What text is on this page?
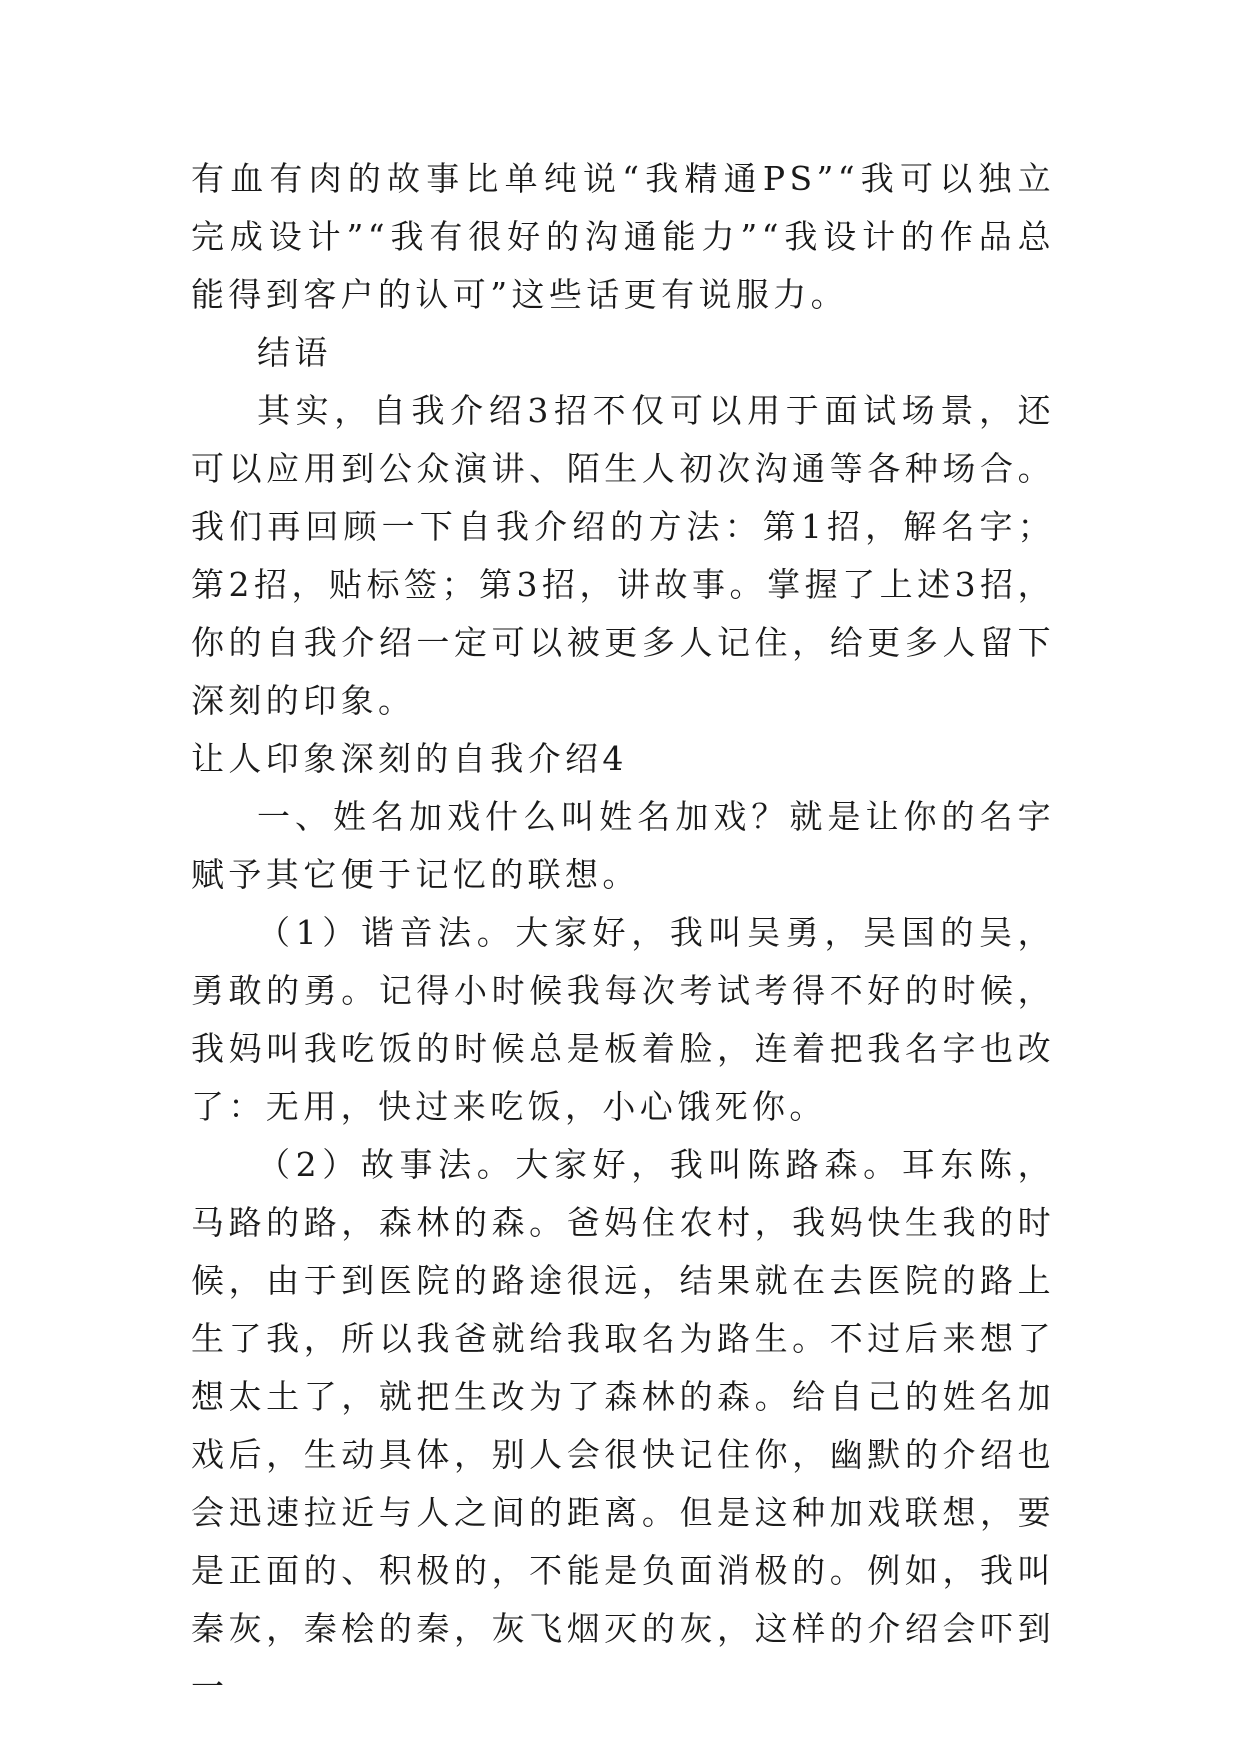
有血有肉的故事比单纯说“我精通PS”“我可以独立完成设计”“我有很好的沟通能力”“我设计的作品总能得到客户的认可”这些话更有说服力。

结语

其实，自我介绍3招不仅可以用于面试场景，还可以应用到公众演讲、陌生人初次沟通等各种场合。我们再回顾一下自我介绍的方法：第1招，解名字；第2招，贴标签；第3招，讲故事。掌握了上述3招，你的自我介绍一定可以被更多人记住，给更多人留下深刻的印象。

让人印象深刻的自我介绍4

一、姓名加戏什么叫姓名加戏？就是让你的名字赋予其它便于记忆的联想。

（1）谐音法。大家好，我叫吴勇，吴国的吴，勇敢的勇。记得小时候我每次考试考得不好的时候，我妈叫我吃饭的时候总是板着脸，连着把我名字也改了：无用，快过来吃饭，小心饿死你。

（2）故事法。大家好，我叫陈路森。耳东陈，马路的路，森林的森。爸妈住农村，我妈快生我的时候，由于到医院的路途很远，结果就在去医院的路上生了我，所以我爸就给我取名为路生。不过后来想了想太土了，就把生改为了森林的森。给自己的姓名加戏后，生动具体，别人会很快记住你，幽默的介绍也会迅速拉近与人之间的距离。但是这种加戏联想，要是正面的、积极的，不能是负面消极的。例如，我叫秦灰，秦桧的秦，灰飞烟灭的灰，这样的介绍会吓到一
